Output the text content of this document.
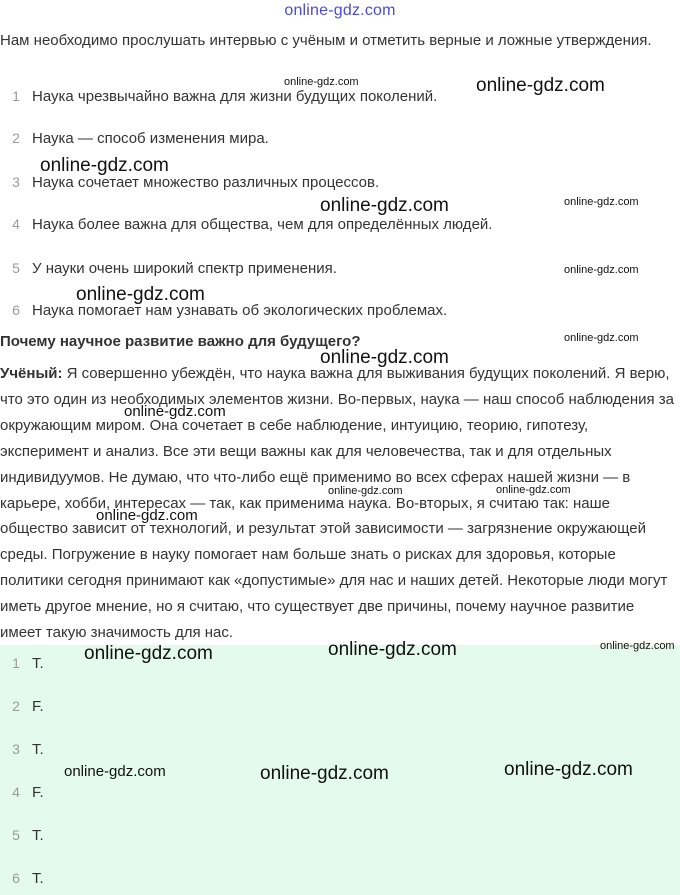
online-gdz.com
Нам необходимо прослушать интервью с учёным и отметить верные и ложные утверждения.
1 Наука чрезвычайно важна для жизни будущих поколений.
2 Наука — способ изменения мира.
3 Наука сочетает множество различных процессов.
4 Наука более важна для общества, чем для определённых людей.
5 У науки очень широкий спектр применения.
6 Наука помогает нам узнавать об экологических проблемах.
Почему научное развитие важно для будущего?
Учёный: Я совершенно убеждён, что наука важна для выживания будущих поколений. Я верю, что это один из необходимых элементов жизни. Во-первых, наука — наш способ наблюдения за окружающим миром. Она сочетает в себе наблюдение, интуицию, теорию, гипотезу, эксперимент и анализ. Все эти вещи важны как для человечества, так и для отдельных индивидуумов. Не думаю, что что-либо ещё применимо во всех сферах нашей жизни — в карьере, хобби, интересах — так, как применима наука. Во-вторых, я считаю так: наше общество зависит от технологий, и результат этой зависимости — загрязнение окружающей среды. Погружение в науку помогает нам больше знать о рисках для здоровья, которые политики сегодня принимают как «допустимые» для нас и наших детей. Некоторые люди могут иметь другое мнение, но я считаю, что существует две причины, почему научное развитие имеет такую значимость для нас.
1 T.
2 F.
3 T.
4 F.
5 T.
6 T.
online-gdz.com	online-gdz.com
online-gdz.com
online-gdz.com	online-gdz.com
online-gdz.com
online-gdz.com
online-gdz.com
online-gdz.com
online-gdz.com
online-gdz.com
online-gdz.com	online-gdz.com
online-gdz.com
online-gdz.com	online-gdz.com
online-gdz.com	online-gdz.com	online-gdz.com
